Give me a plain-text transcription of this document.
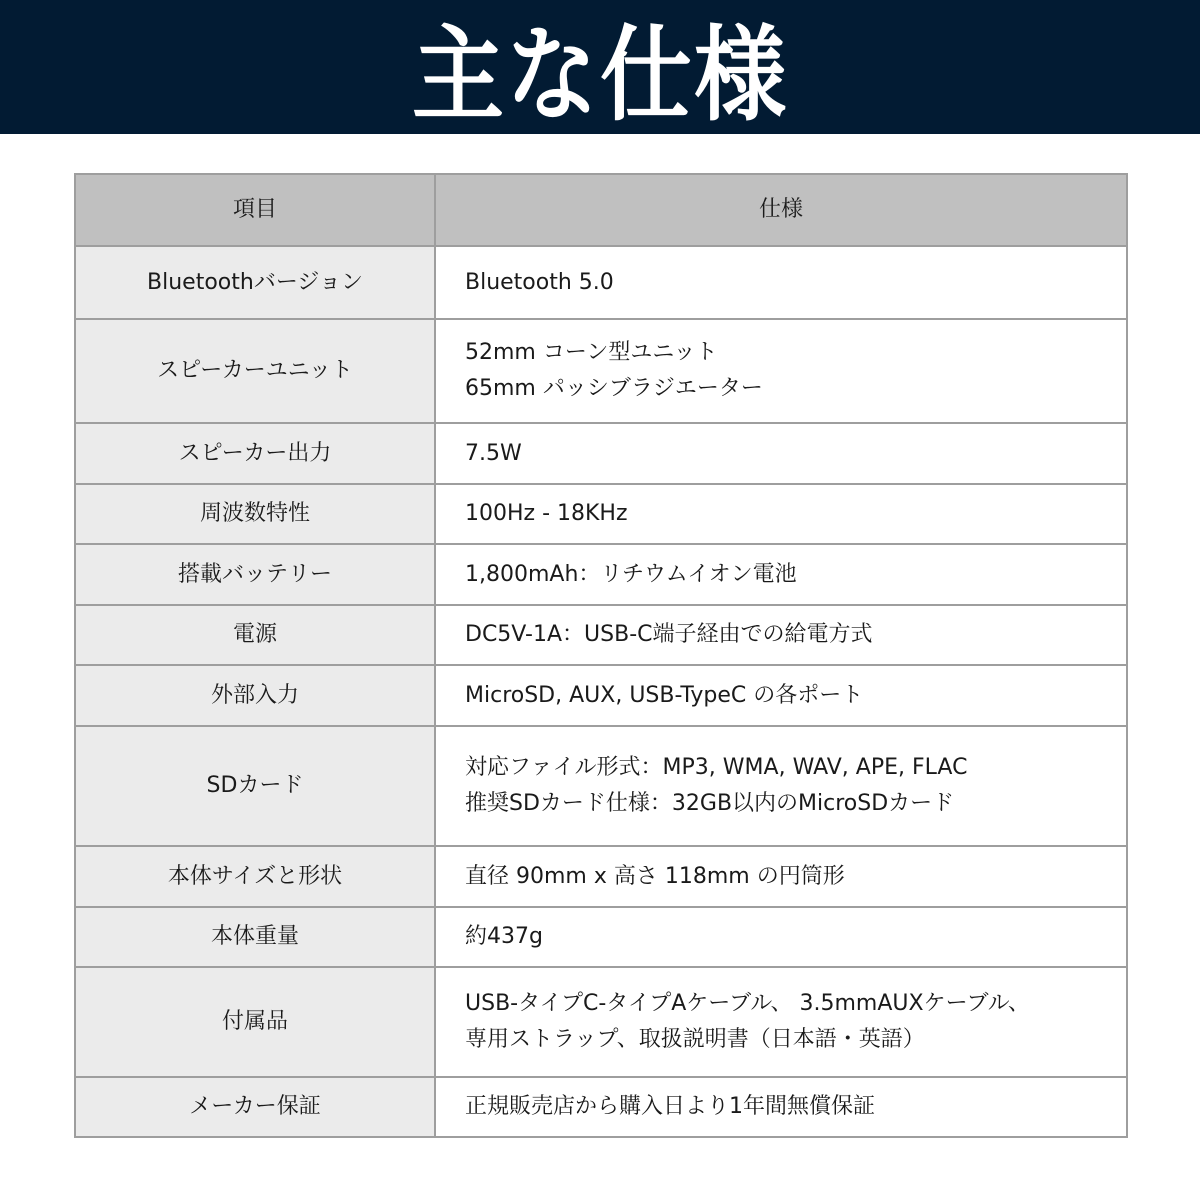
主な仕様
項目	仕様
Bluetoothバージョン	Bluetooth 5.0

スピーカーユニット	52mm コーン型ユニット
65mm パッシブラジエーター

スピーカー出力	7.5W

周波数特性	100Hz - 18KHz

搭載バッテリー	1,800mAh：リチウムイオン電池

電源	DC5V-1A：USB-C端子経由での給電方式

外部入力	MicroSD, AUX, USB-TypeC の各ポート

SDカード	対応ファイル形式：MP3, WMA, WAV, APE, FLAC
推奨SDカード仕様：32GB以内のMicroSDカード

本体サイズと形状	直径 90mm x 高さ 118mm の円筒形

本体重量	約437g

付属品	USB-タイプC-タイプAケーブル、 3.5mmAUXケーブル、
専用ストラップ、取扱説明書（日本語・英語）

メーカー保証	正規販売店から購入日より1年間無償保証
